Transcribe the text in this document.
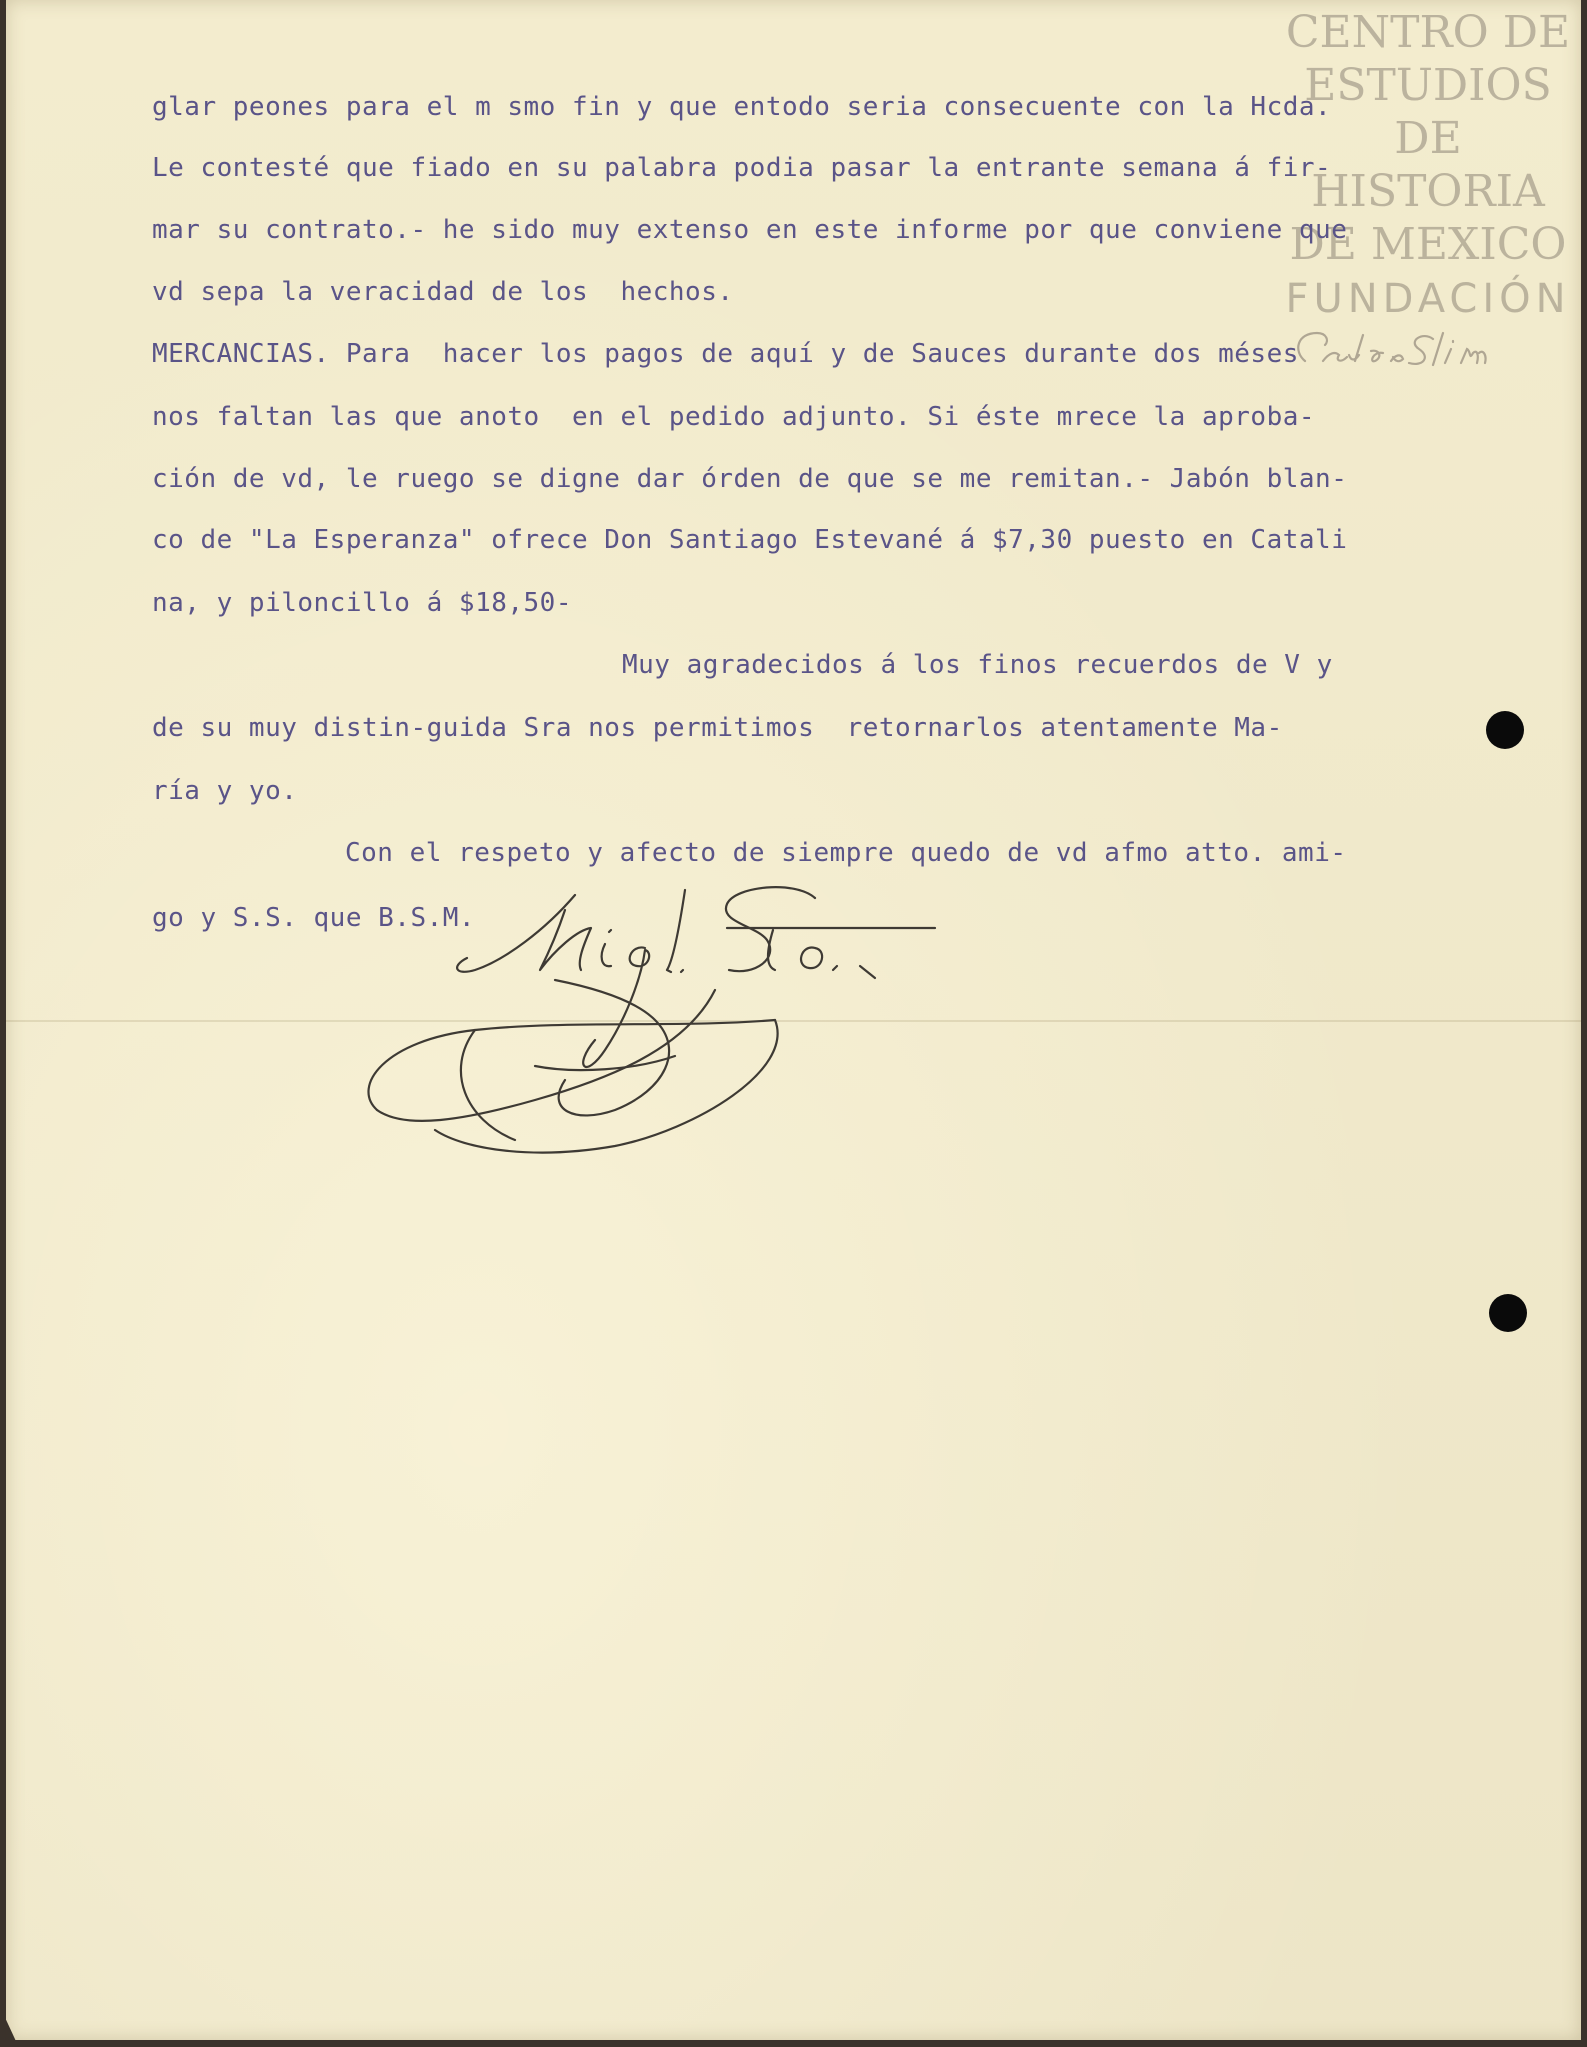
CENTRO DE
ESTUDIOS
DE HISTORIA
DE MEXICO
FUNDACIÓN
glar peones para el m smo fin y que entodo seria consecuente con la Hcda.
Le contesté que fiado en su palabra podia pasar la entrante semana á fir-
mar su contrato.- he sido muy extenso en este informe por que conviene que
vd sepa la veracidad de los  hechos.
MERCANCIAS. Para  hacer los pagos de aquí y de Sauces durante dos méses
nos faltan las que anoto  en el pedido adjunto. Si éste mrece la aproba-
ción de vd, le ruego se digne dar órden de que se me remitan.- Jabón blan-
co de "La Esperanza" ofrece Don Santiago Estevané á $7,30 puesto en Catali
na, y piloncillo á $18,50-
Muy agradecidos á los finos recuerdos de V y
de su muy distin-guida Sra nos permitimos  retornarlos atentamente Ma-
ría y yo.
Con el respeto y afecto de siempre quedo de vd afmo atto. ami-
go y S.S. que B.S.M.
